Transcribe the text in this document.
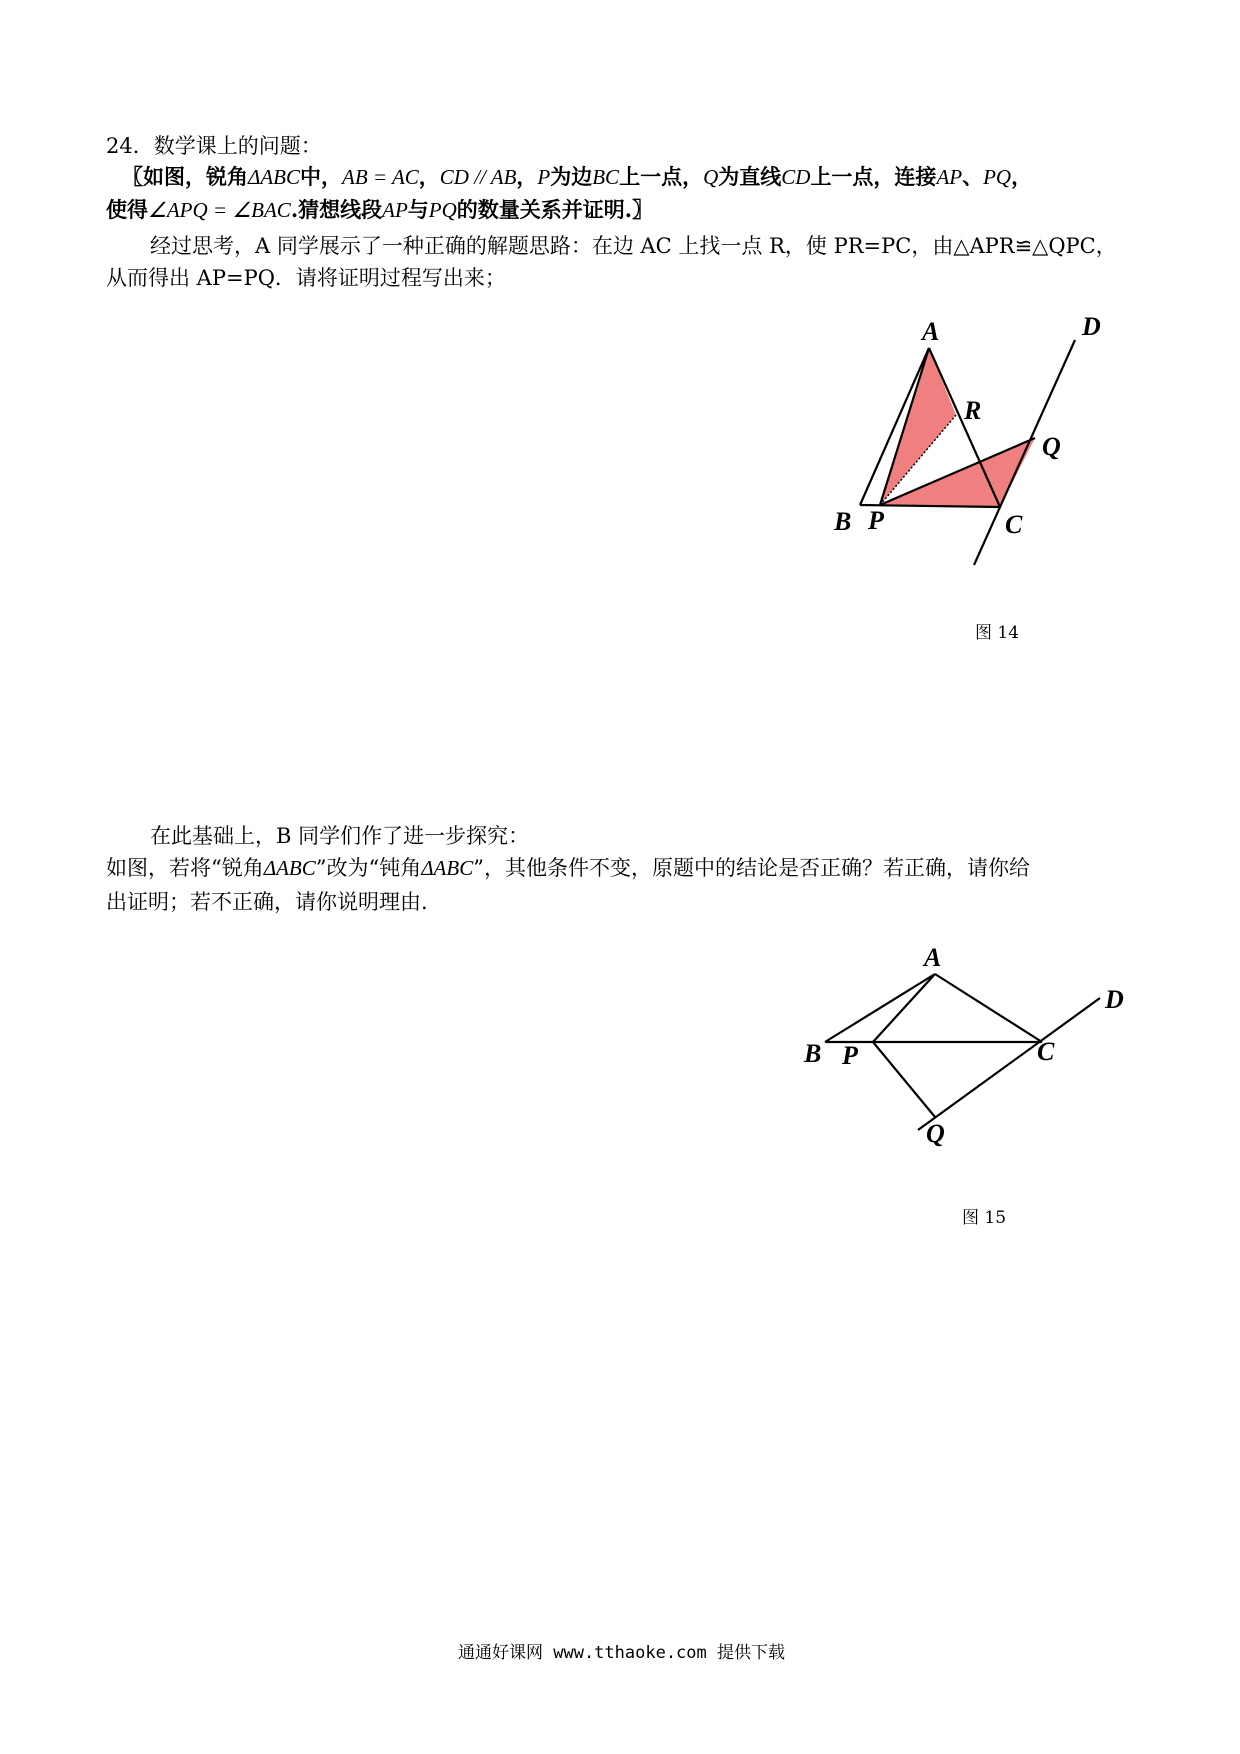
24．数学课上的问题：
〖如图，锐角ΔABC中，AB = AC，CD // AB，P为边BC上一点，Q为直线CD上一点，连接AP、PQ，
使得∠APQ = ∠BAC.猜想线段AP与PQ的数量关系并证明.〗
经过思考，A 同学展示了一种正确的解题思路：在边 AC 上找一点 R，使 PR=PC，由△APR≌△QPC，
从而得出 AP=PQ．请将证明过程写出来；
A
R
D
Q
B P	C
图 14
在此基础上，B 同学们作了进一步探究：
如图，若将“锐角ΔABC”改为“钝角ΔABC”，其他条件不变，原题中的结论是否正确？若正确，请你给
出证明；若不正确，请你说明理由.
A
D
B P	C
Q
图 15
通通好课网 www.tthaoke.com 提供下载
